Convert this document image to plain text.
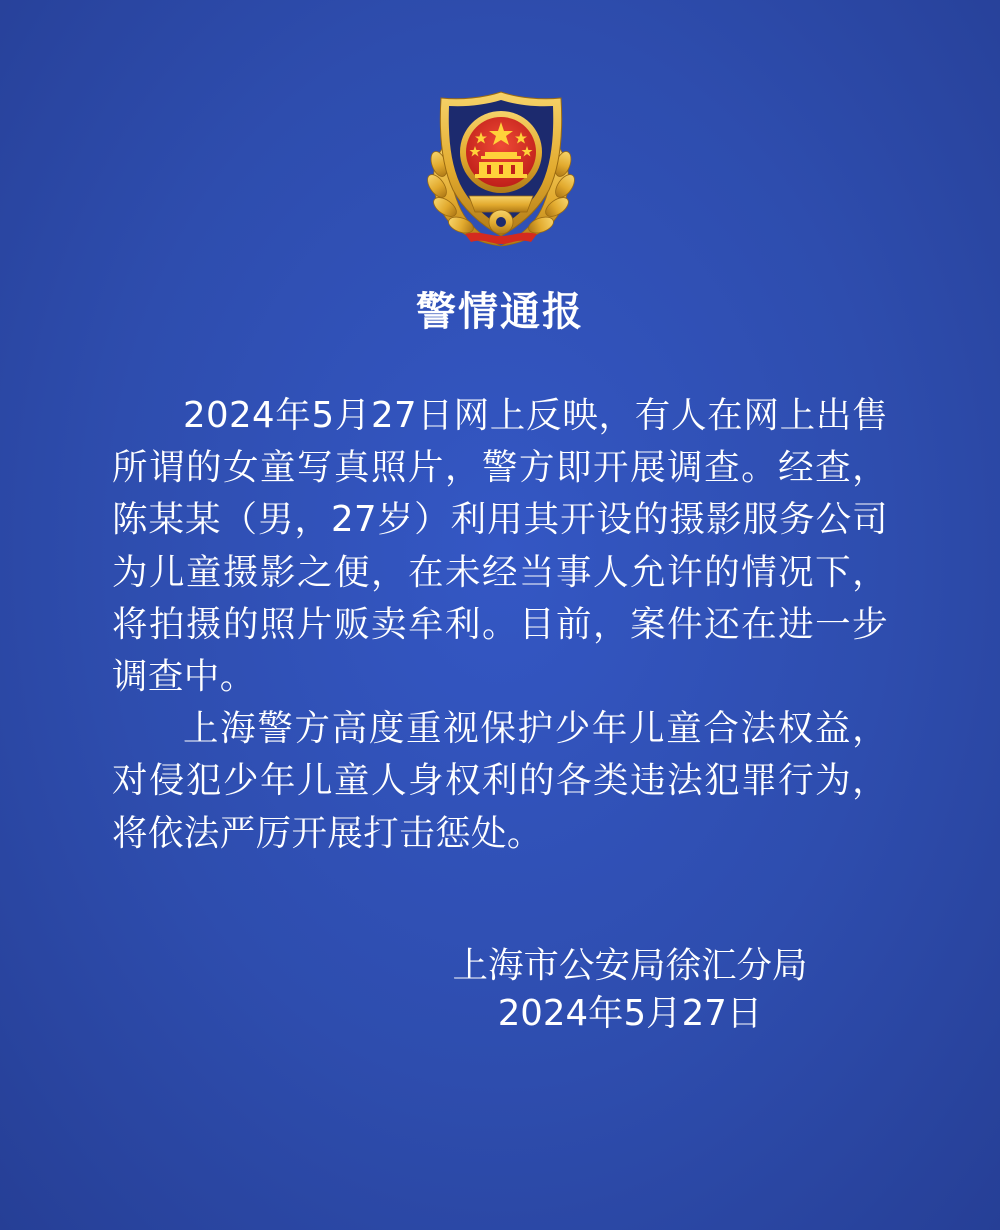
警情通报

2024年5月27日网上反映，有人在网上出售所谓的女童写真照片，警方即开展调查。经查，陈某某（男，27岁）利用其开设的摄影服务公司为儿童摄影之便，在未经当事人允许的情况下，将拍摄的照片贩卖牟利。目前，案件还在进一步调查中。

上海警方高度重视保护少年儿童合法权益，对侵犯少年儿童人身权利的各类违法犯罪行为，将依法严厉开展打击惩处。

上海市公安局徐汇分局
2024年5月27日
